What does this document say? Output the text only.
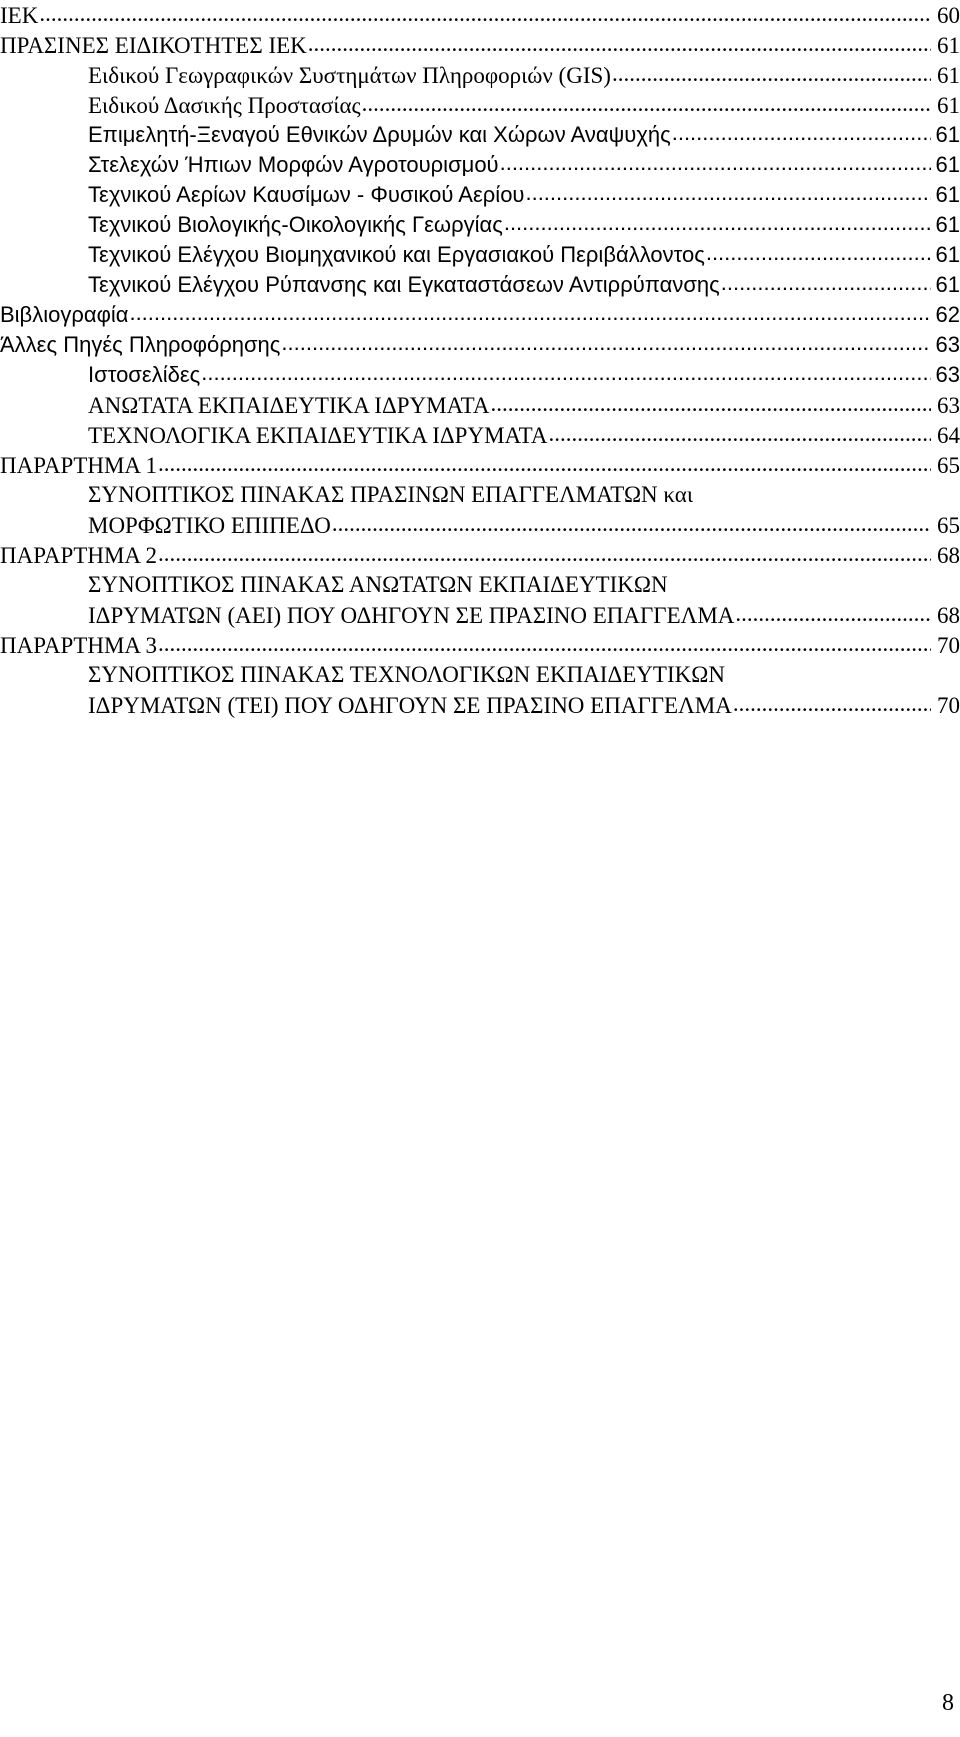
ΙΕΚ .....	60
ΠΡΑΣΙΝΕΣ ΕΙΔΙΚΟΤΗΤΕΣ ΙΕΚ .....	61
Ειδικού Γεωγραφικών Συστημάτων Πληροφοριών (GIS) .....	61
Ειδικού Δασικής Προστασίας .....	61
Επιμελητή-Ξεναγού Εθνικών Δρυμών και Χώρων Αναψυχής .....	61
Στελεχών Ήπιων Μορφών Αγροτουρισμού .....	61
Τεχνικού Αερίων Καυσίμων - Φυσικού Αερίου .....	61
Τεχνικού Βιολογικής-Οικολογικής Γεωργίας .....	61
Τεχνικού Ελέγχου Βιομηχανικού και Εργασιακού Περιβάλλοντος .....	61
Τεχνικού Ελέγχου Ρύπανσης και Εγκαταστάσεων Αντιρρύπανσης .....	61
Βιβλιογραφία .....	62
Άλλες Πηγές Πληροφόρησης .....	63
Ιστοσελίδες .....	63
ΑΝΩΤΑΤΑ ΕΚΠΑΙΔΕΥΤΙΚΑ ΙΔΡΥΜΑΤΑ .....	63
ΤΕΧΝΟΛΟΓΙΚΑ ΕΚΠΑΙΔΕΥΤΙΚΑ ΙΔΡΥΜΑΤΑ .....	64
ΠΑΡΑΡΤΗΜΑ 1 .....	65
ΣΥΝΟΠΤΙΚΟΣ ΠΙΝΑΚΑΣ ΠΡΑΣΙΝΩΝ ΕΠΑΓΓΕΛΜΑΤΩΝ και
ΜΟΡΦΩΤΙΚΟ ΕΠΙΠΕΔΟ .....	65
ΠΑΡΑΡΤΗΜΑ 2 .....	68
ΣΥΝΟΠΤΙΚΟΣ ΠΙΝΑΚΑΣ ΑΝΩΤΑΤΩΝ ΕΚΠΑΙΔΕΥΤΙΚΩΝ
ΙΔΡΥΜΑΤΩΝ (ΑΕΙ) ΠΟΥ ΟΔΗΓΟΥΝ ΣΕ ΠΡΑΣΙΝΟ ΕΠΑΓΓΕΛΜΑ .....	68
ΠΑΡΑΡΤΗΜΑ 3 .....	70
ΣΥΝΟΠΤΙΚΟΣ ΠΙΝΑΚΑΣ ΤΕΧΝΟΛΟΓΙΚΩΝ ΕΚΠΑΙΔΕΥΤΙΚΩΝ
ΙΔΡΥΜΑΤΩΝ (ΤΕΙ) ΠΟΥ ΟΔΗΓΟΥΝ ΣΕ ΠΡΑΣΙΝΟ ΕΠΑΓΓΕΛΜΑ .....	70
8
